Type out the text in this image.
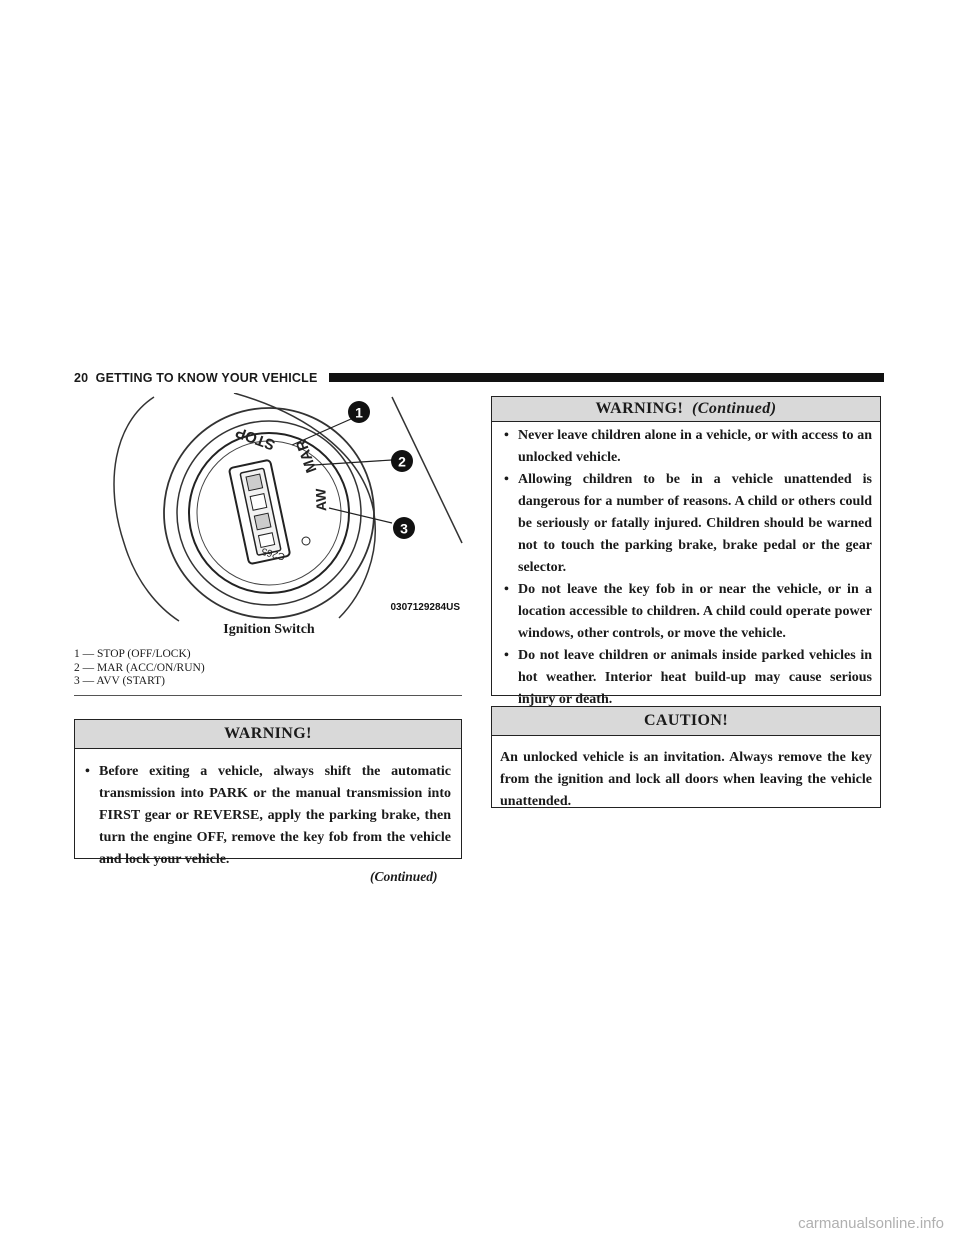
20 GETTING TO KNOW YOUR VEHICLE
STOP MAR
AW
C265
1
2
3
0307129284US
Ignition Switch
1 — STOP (OFF/LOCK)
2 — MAR (ACC/ON/RUN)
3 — AVV (START)
WARNING!
• Before exiting a vehicle, always shift the automatic transmission into PARK or the manual transmission into FIRST gear or REVERSE, apply the parking brake, then turn the engine OFF, remove the key fob from the vehicle and lock your vehicle.
(Continued)
WARNING! (Continued)
• Never leave children alone in a vehicle, or with access to an unlocked vehicle.
• Allowing children to be in a vehicle unattended is dangerous for a number of reasons. A child or others could be seriously or fatally injured. Children should be warned not to touch the parking brake, brake pedal or the gear selector.
• Do not leave the key fob in or near the vehicle, or in a location accessible to children. A child could operate power windows, other controls, or move the vehicle.
• Do not leave children or animals inside parked vehicles in hot weather. Interior heat build-up may cause serious injury or death.
CAUTION!
An unlocked vehicle is an invitation. Always remove the key from the ignition and lock all doors when leaving the vehicle unattended.
carmanualsonline.info
